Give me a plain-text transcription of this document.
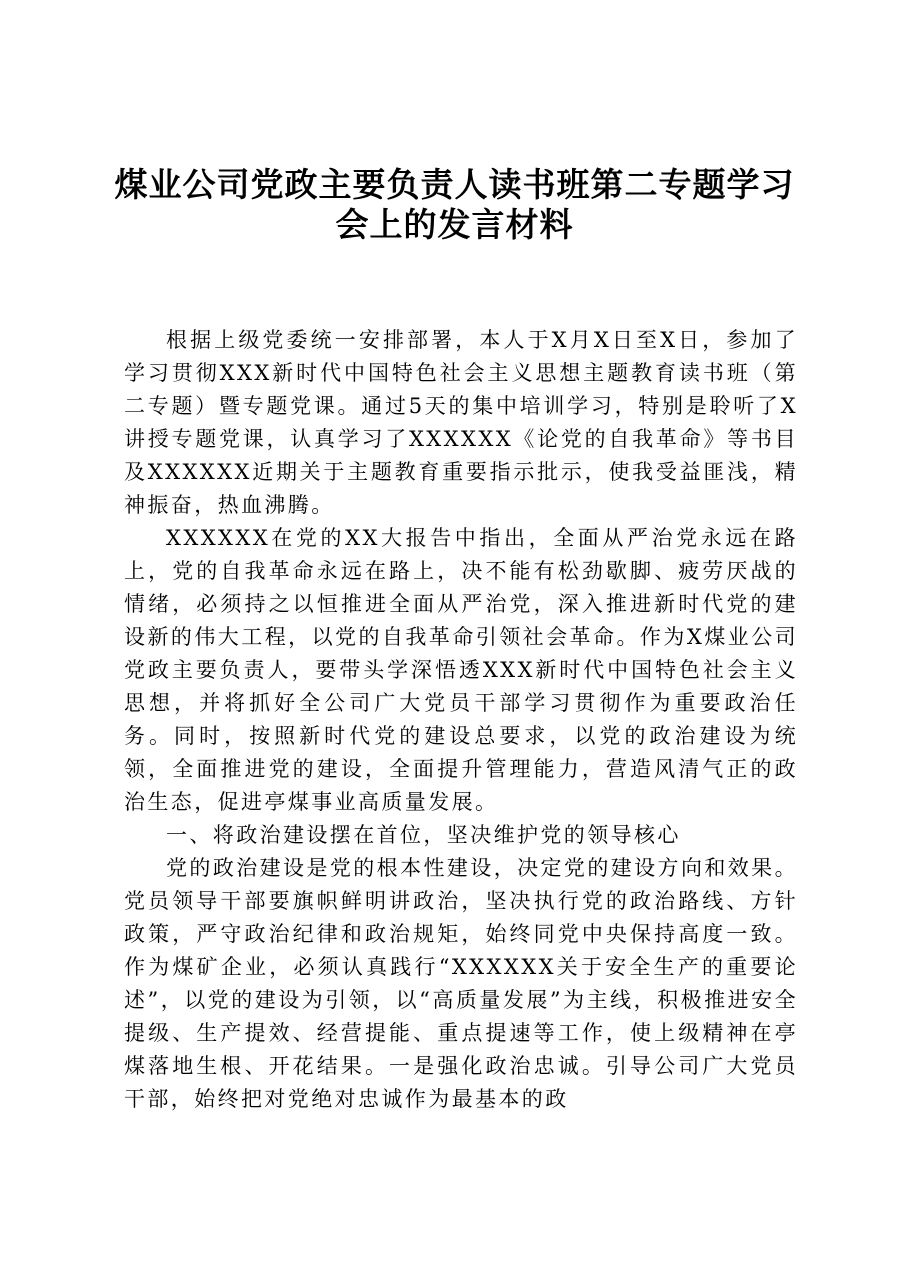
煤业公司党政主要负责人读书班第二专题学习
会上的发言材料

根据上级党委统一安排部署，本人于X月X日至X日，参加了学习贯彻XXX新时代中国特色社会主义思想主题教育读书班（第二专题）暨专题党课。通过5天的集中培训学习，特别是聆听了X讲授专题党课，认真学习了XXXXXX《论党的自我革命》等书目及XXXXXX近期关于主题教育重要指示批示，使我受益匪浅，精神振奋，热血沸腾。

XXXXXX在党的XX大报告中指出，全面从严治党永远在路上，党的自我革命永远在路上，决不能有松劲歇脚、疲劳厌战的情绪，必须持之以恒推进全面从严治党，深入推进新时代党的建设新的伟大工程，以党的自我革命引领社会革命。作为X煤业公司党政主要负责人，要带头学深悟透XXX新时代中国特色社会主义思想，并将抓好全公司广大党员干部学习贯彻作为重要政治任务。同时，按照新时代党的建设总要求，以党的政治建设为统领，全面推进党的建设，全面提升管理能力，营造风清气正的政治生态，促进亭煤事业高质量发展。

一、将政治建设摆在首位，坚决维护党的领导核心

党的政治建设是党的根本性建设，决定党的建设方向和效果。党员领导干部要旗帜鲜明讲政治，坚决执行党的政治路线、方针政策，严守政治纪律和政治规矩，始终同党中央保持高度一致。作为煤矿企业，必须认真践行“XXXXXX关于安全生产的重要论述”，以党的建设为引领，以“高质量发展”为主线，积极推进安全提级、生产提效、经营提能、重点提速等工作，使上级精神在亭煤落地生根、开花结果。一是强化政治忠诚。引导公司广大党员干部，始终把对党绝对忠诚作为最基本的政
